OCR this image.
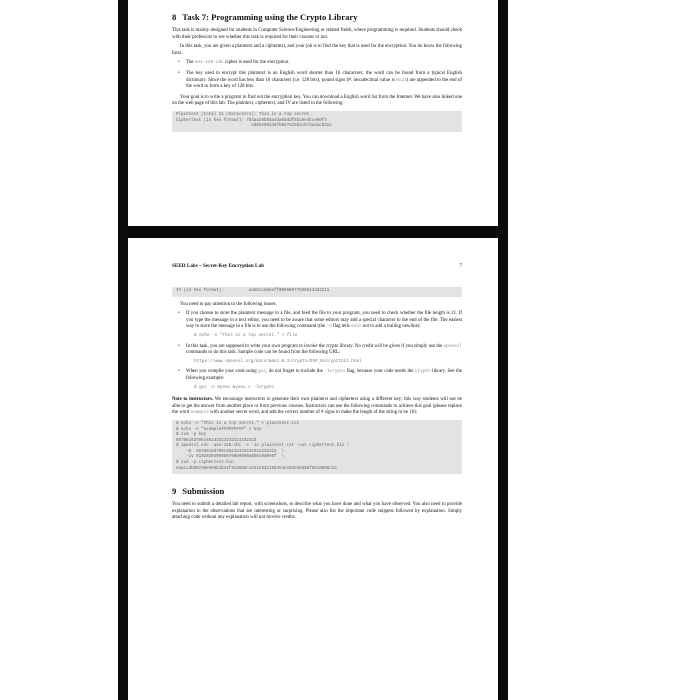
8 Task 7: Programming using the Crypto Library

This task is mainly designed for students in Computer Science/Engineering or related fields, where programming is required. Students should check with their professors to see whether this task is required for their courses or not.

In this task, you are given a plaintext and a ciphertext, and your job is to find the key that is used for the encryption. You do know the following facts:

• The aes-128-cbc cipher is used for the encryption.
• The key used to encrypt this plaintext is an English word shorter than 16 characters; the word can be found from a typical English dictionary. Since the word has less than 16 characters (i.e. 128 bits), pound signs (#: hexadecimal value is 0x23) are appended to the end of the word to form a key of 128 bits.

Your goal is to write a program to find out the encryption key. You can download a English word list from the Internet. We have also linked one on the web page of this lab. The plaintext, ciphertext, and IV are listed in the following:

Plaintext (total 21 characters): This is a top secret.
Ciphertext (in hex format): 764aa26b55a4da654df6b19e4bce00f4
ed05e09346fb0e762583cb7da2ac93a2
SEED Labs – Secret-Key Encryption Lab	7
IV (in hex format):          aabbccddeeff00998877665544332211

You need to pay attention to the following issues:

• If you choose to store the plaintext message in a file, and feed the file to your program, you need to check whether the file length is 21. If you type the message in a text editor, you need to be aware that some editors may add a special character to the end of the file. The easiest way to store the message in a file is to use the following command (the -n flag tells echo not to add a trailing newline):
$ echo -n "This is a top secret." > file
• In this task, you are supposed to write your own program to invoke the crypto library. No credit will be given if you simply use the openssl commands to do this task. Sample code can be found from the following URL:
https://www.openssl.org/docs/man1.0.2/crypto/EVP_EncryptInit.html
• When you compile your code using gcc, do not forget to include the -lcrypto flag, because your code needs the crypto library. See the following example:
$ gcc -o myenc myenc.c -lcrypto

Note to instructors. We encourage instructors to generate their own plaintext and ciphertext using a different key; this way students will not be able to get the answer from another place or from previous courses. Instructors can use the following commands to achieve this goal (please replace the word example with another secret word, and add the correct number of # signs to make the length of the string to be 16):

$ echo -n "This is a top secret." > plaintext.txt
$ echo -n "example#########" > key
$ xxd -p key
6578616d706c65232323232323232323
$ openssl enc -aes-128-cbc -e -in plaintext.txt -out ciphertext.bin \
-K  6578616d706c65232323232323232323  \
-iv 010203040506070809000a0b0c0d0e0f  \
$ xxd -p ciphertext.bin
e5accdb667e8e569b1b34f423508c15422631198454e104ceb658f5918800c22
9 Submission

You need to submit a detailed lab report, with screenshots, to describe what you have done and what you have observed. You also need to provide explanation to the observations that are interesting or surprising. Please also list the important code snippets followed by explanation. Simply attaching code without any explanation will not receive credits.
